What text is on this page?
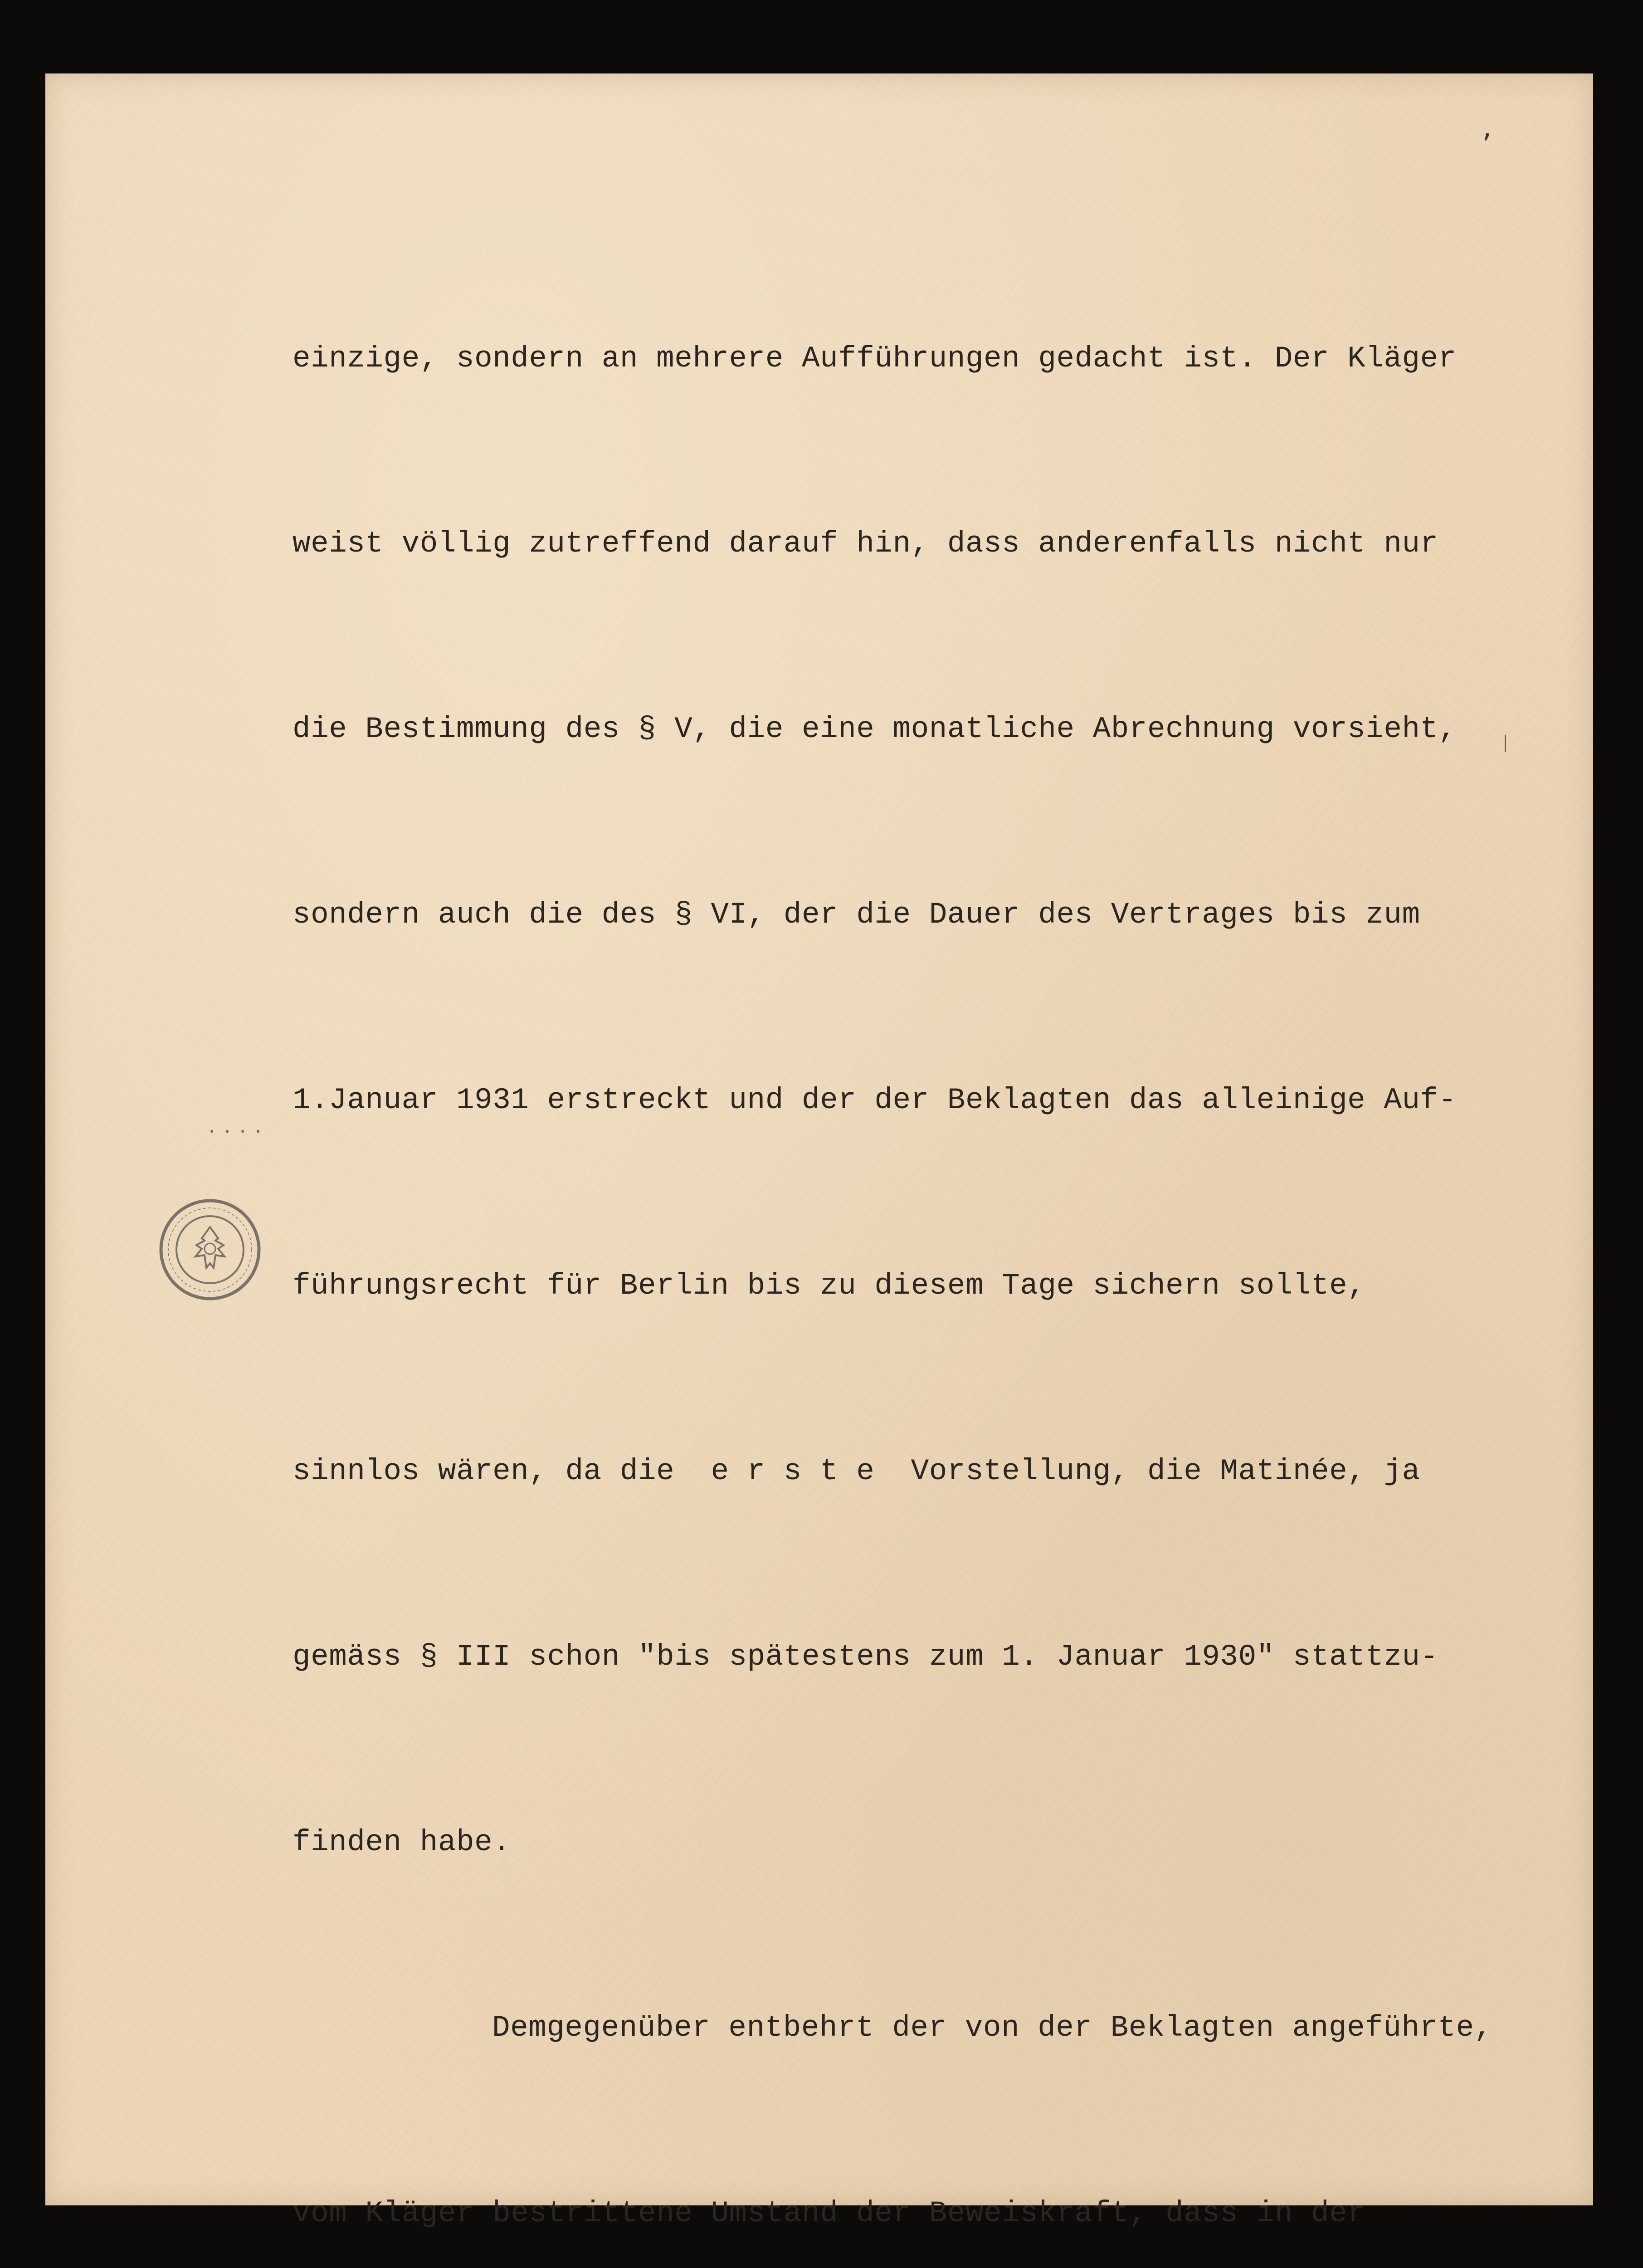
,
····

einzige, sondern an mehrere Aufführungen gedacht ist. Der Kläger

weist völlig zutreffend darauf hin, dass anderenfalls nicht nur

die Bestimmung des § V, die eine monatliche Abrechnung vorsieht,

sondern auch die des § VI, der die Dauer des Vertrages bis zum

1.Januar 1931 erstreckt und der der Beklagten das alleinige Auf-

führungsrecht für Berlin bis zu diesem Tage sichern sollte,

sinnlos wären, da die  e r s t e  Vorstellung, die Matinée, ja

gemäss § III schon "bis spätestens zum 1. Januar 1930" stattzu-

finden habe.

Demgegenüber entbehrt der von der Beklagten angeführte,

vom Kläger bestrittene Umstand der Beweiskraft, dass in der
